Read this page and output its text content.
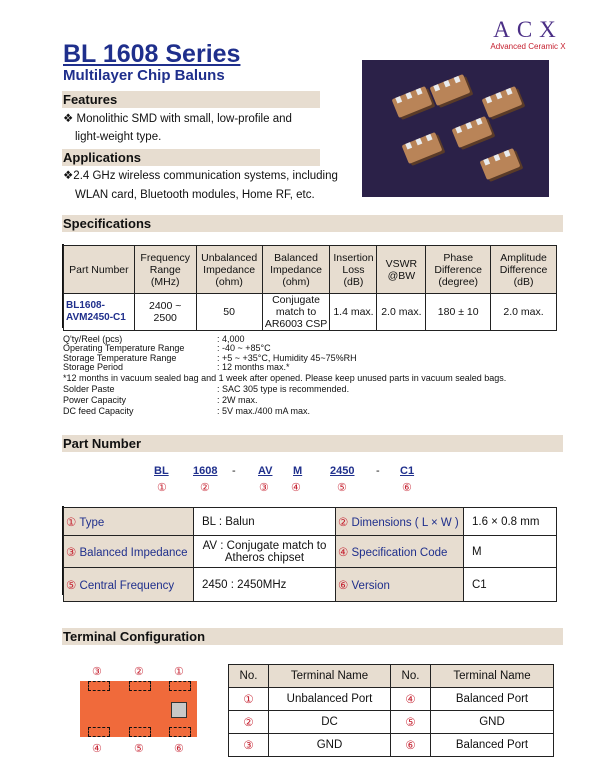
ACX
Advanced Ceramic X
BL 1608 Series
Multilayer Chip Baluns
Features
❖ Monolithic SMD with small, low-profile and
light-weight type.
Applications
❖2.4 GHz wireless communication systems, including
WLAN card, Bluetooth modules, Home RF, etc.
Specifications
Part Number	Frequency Range (MHz)	Unbalanced Impedance (ohm)	Balanced Impedance (ohm)	Insertion Loss (dB)	VSWR @BW	Phase Difference (degree)	Amplitude Difference (dB)
BL1608-AVM2450-C1	2400 ~ 2500	50	Conjugate match to AR6003 CSP	1.4 max.	2.0 max.	180 ± 10	2.0 max.
Q'ty/Reel (pcs)	: 4,000
Operating Temperature Range	: -40 ~ +85°C
Storage Temperature Range	: +5 ~ +35°C, Humidity 45~75%RH
Storage Period	: 12 months max.*
*12 months in vacuum sealed bag and 1 week after opened. Please keep unused parts in vacuum sealed bags.
Solder Paste	: SAC 305 type is recommended.
Power Capacity	: 2W max.
DC feed Capacity	: 5V max./400 mA max.
Part Number
BL 1608 - AV M	2450 - C1
①	②	③ ④	⑤	⑥
① Type	BL : Balun	② Dimensions ( L × W )	1.6 × 0.8 mm
③ Balanced Impedance	AV : Conjugate match to
Atheros chipset	④ Specification Code	M
⑤ Central Frequency	2450 : 2450MHz	⑥ Version	C1
Terminal Configuration
③	②	①
④	⑤	⑥
No.	Terminal Name	No.	Terminal Name
①	Unbalanced Port	④	Balanced Port
②	DC	⑤	GND
③	GND	⑥	Balanced Port
